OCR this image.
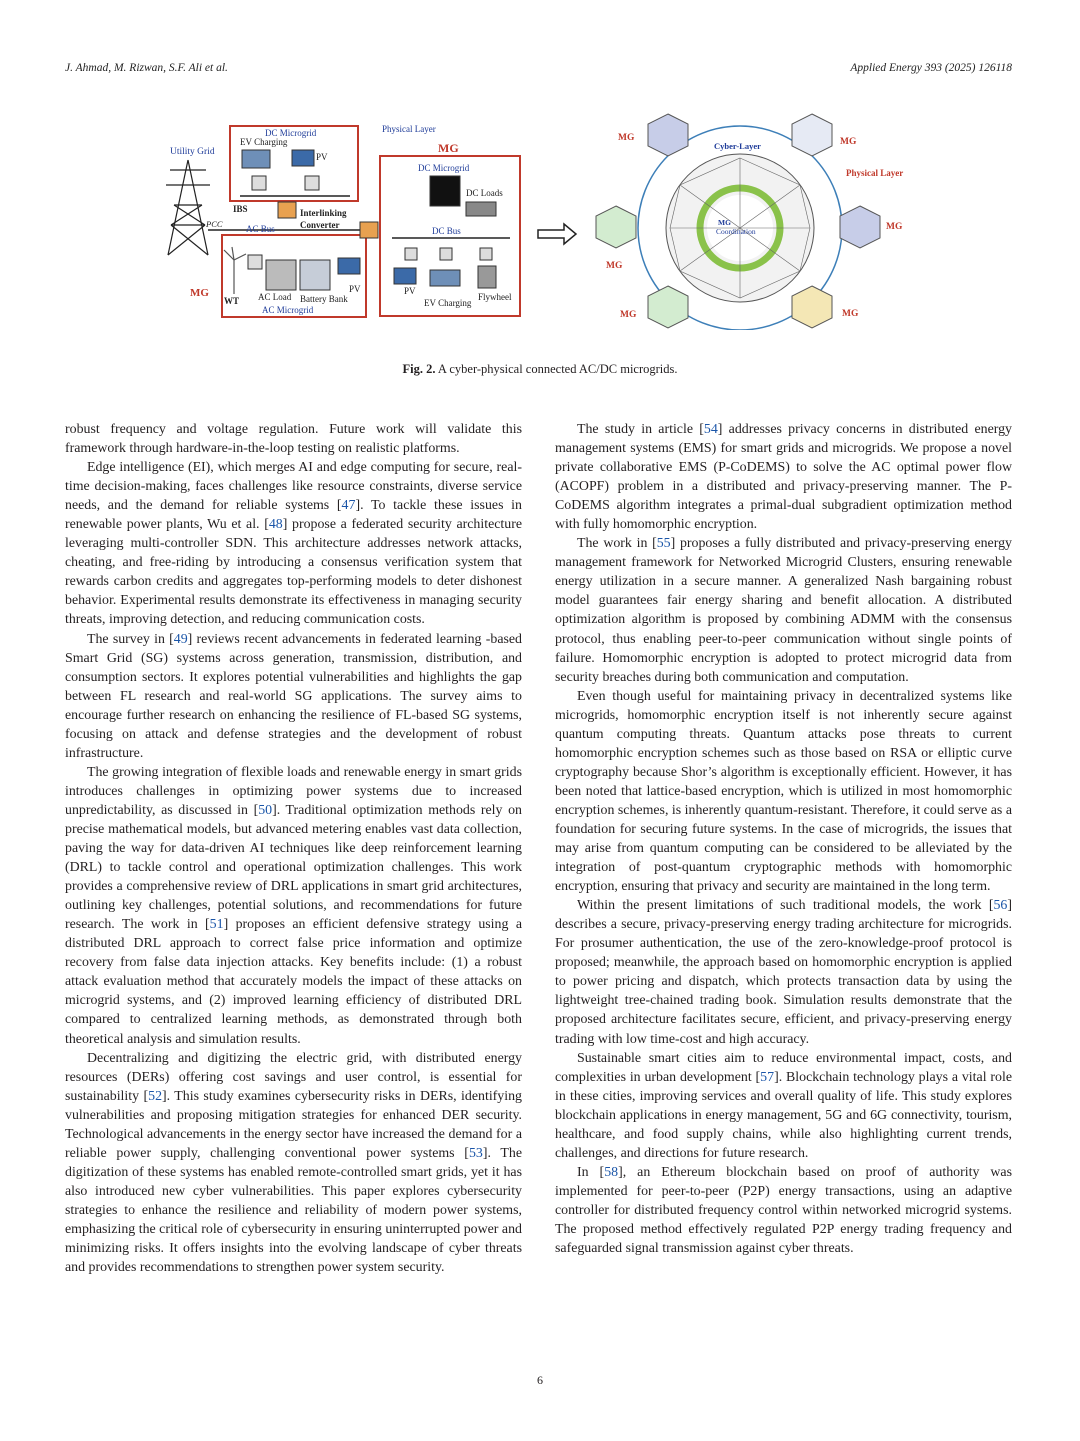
J. Ahmad, M. Rizwan, S.F. Ali et al.	Applied Energy 393 (2025) 126118
Utility Grid
PCC
DC Microgrid
EV Charging
PV
IBS
AC Bus
Interlinking
Converter
MG
WT AC Load Battery Bank
PV
AC Microgrid
Physical Layer
MG
DC Microgrid
DC Loads
DC Bus
PV
EV Charging
Flywheel
MG
Coordination
Cyber-Layer
Physical Layer
MG	MG
MG
MG
MG	MG
Fig. 2. A cyber-physical connected AC/DC microgrids.

robust frequency and voltage regulation. Future work will validate this framework through hardware-in-the-loop testing on realistic platforms.

Edge intelligence (EI), which merges AI and edge computing for secure, real-time decision-making, faces challenges like resource constraints, diverse service needs, and the demand for reliable systems [47]. To tackle these issues in renewable power plants, Wu et al. [48] propose a federated security architecture leveraging multi-controller SDN. This architecture addresses network attacks, cheating, and free-riding by introducing a consensus verification system that rewards carbon credits and aggregates top-performing models to deter dishonest behavior. Experimental results demonstrate its effectiveness in managing security threats, improving detection, and reducing communication costs.

The survey in [49] reviews recent advancements in federated learning -based Smart Grid (SG) systems across generation, transmission, distribution, and consumption sectors. It explores potential vulnerabilities and highlights the gap between FL research and real-world SG applications. The survey aims to encourage further research on enhancing the resilience of FL-based SG systems, focusing on attack and defense strategies and the development of robust infrastructure.

The growing integration of flexible loads and renewable energy in smart grids introduces challenges in optimizing power systems due to increased unpredictability, as discussed in [50]. Traditional optimization methods rely on precise mathematical models, but advanced metering enables vast data collection, paving the way for data-driven AI techniques like deep reinforcement learning (DRL) to tackle control and operational optimization challenges. This work provides a comprehensive review of DRL applications in smart grid architectures, outlining key challenges, potential solutions, and recommendations for future research. The work in [51] proposes an efficient defensive strategy using a distributed DRL approach to correct false price information and optimize recovery from false data injection attacks. Key benefits include: (1) a robust attack evaluation method that accurately models the impact of these attacks on microgrid systems, and (2) improved learning efficiency of distributed DRL compared to centralized learning methods, as demonstrated through both theoretical analysis and simulation results.

Decentralizing and digitizing the electric grid, with distributed energy resources (DERs) offering cost savings and user control, is essential for sustainability [52]. This study examines cybersecurity risks in DERs, identifying vulnerabilities and proposing mitigation strategies for enhanced DER security. Technological advancements in the energy sector have increased the demand for a reliable power supply, challenging conventional power systems [53]. The digitization of these systems has enabled remote-controlled smart grids, yet it has also introduced new cyber vulnerabilities. This paper explores cybersecurity strategies to enhance the resilience and reliability of modern power systems, emphasizing the critical role of cybersecurity in ensuring uninterrupted power and minimizing risks. It offers insights into the evolving landscape of cyber threats and provides recommendations to strengthen power system security.

The study in article [54] addresses privacy concerns in distributed energy management systems (EMS) for smart grids and microgrids. We propose a novel private collaborative EMS (P-CoDEMS) to solve the AC optimal power flow (ACOPF) problem in a distributed and privacy-preserving manner. The P-CoDEMS algorithm integrates a primal-dual subgradient optimization method with fully homomorphic encryption.

The work in [55] proposes a fully distributed and privacy-preserving energy management framework for Networked Microgrid Clusters, ensuring renewable energy utilization in a secure manner. A generalized Nash bargaining robust model guarantees fair energy sharing and benefit allocation. A distributed optimization algorithm is proposed by combining ADMM with the consensus protocol, thus enabling peer-to-peer communication without single points of failure. Homomorphic encryption is adopted to protect microgrid data from security breaches during both communication and computation.

Even though useful for maintaining privacy in decentralized systems like microgrids, homomorphic encryption itself is not inherently secure against quantum computing threats. Quantum attacks pose threats to current homomorphic encryption schemes such as those based on RSA or elliptic curve cryptography because Shor’s algorithm is exceptionally efficient. However, it has been noted that lattice-based encryption, which is utilized in most homomorphic encryption schemes, is inherently quantum-resistant. Therefore, it could serve as a foundation for securing future systems. In the case of microgrids, the issues that may arise from quantum computing can be considered to be alleviated by the integration of post-quantum cryptographic methods with homomorphic encryption, ensuring that privacy and security are maintained in the long term.

Within the present limitations of such traditional models, the work [56] describes a secure, privacy-preserving energy trading architecture for microgrids. For prosumer authentication, the use of the zero-knowledge-proof protocol is proposed; meanwhile, the approach based on homomorphic encryption is applied to power pricing and dispatch, which protects transaction data by using the lightweight tree-chained trading book. Simulation results demonstrate that the proposed architecture facilitates secure, efficient, and privacy-preserving energy trading with low time-cost and high accuracy.

Sustainable smart cities aim to reduce environmental impact, costs, and complexities in urban development [57]. Blockchain technology plays a vital role in these cities, improving services and overall quality of life. This study explores blockchain applications in energy management, 5G and 6G connectivity, tourism, healthcare, and food supply chains, while also highlighting current trends, challenges, and directions for future research.

In [58], an Ethereum blockchain based on proof of authority was implemented for peer-to-peer (P2P) energy transactions, using an adaptive controller for distributed frequency control within networked microgrid systems. The proposed method effectively regulated P2P energy trading frequency and safeguarded signal transmission against cyber threats.

6
